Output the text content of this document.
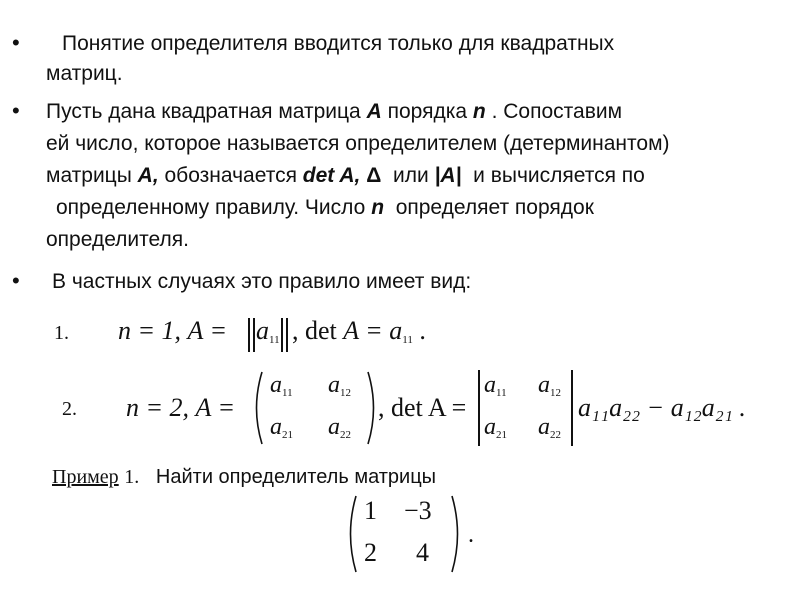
• Понятие определителя вводится только для квадратных
матриц.
• Пусть дана квадратная матрица A порядка n . Сопоставим
ей число, которое называется определителем (детерминантом)
матрицы A, обозначается det A, Δ или |A| и вычисляется по
определенному правилу. Число n определяет порядок
определителя.
• В частных случаях это правило имеет вид:
1. n = 1, A = ‖ $a_{11}$ ‖ , $\det A = a_{11}$ .
2. n = 2, A =
$a_{11}$ $a_{12}$
$a_{21}$ $a_{22}$
, det A =
$a_{11}$ $a_{12}$
$a_{21}$ $a_{22}$
a₁₁a₂₂ − a₁₂a₂₁ .
Пример 1. Найти определитель матрицы
1 −3
2 4
.
